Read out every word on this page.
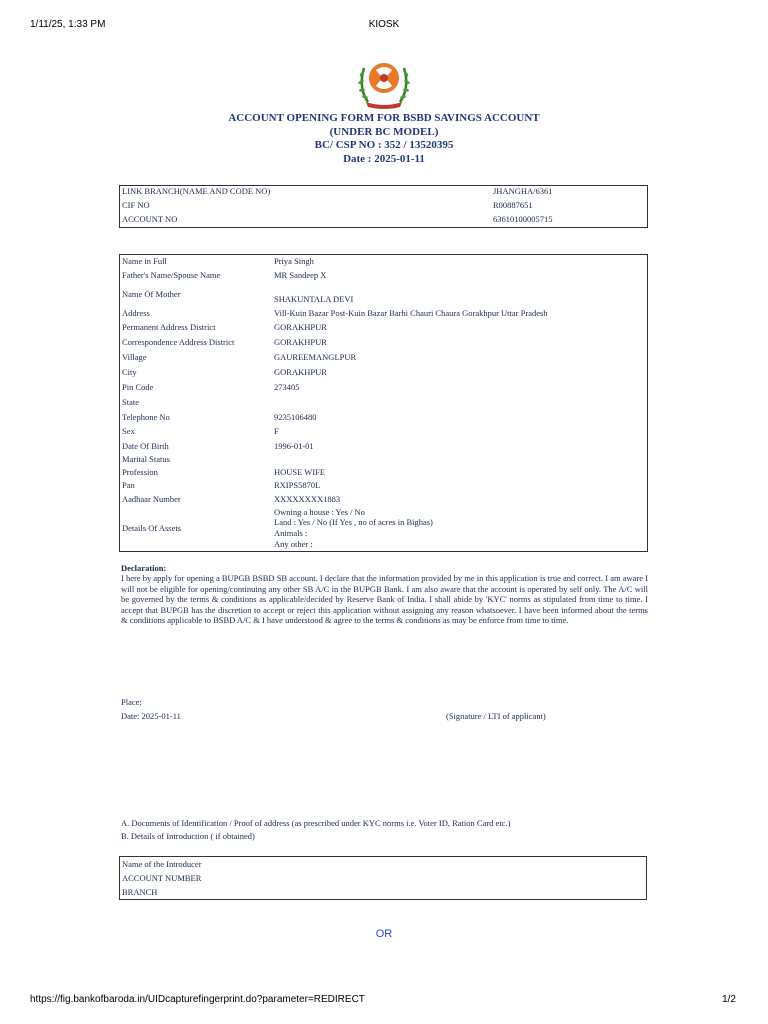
1/11/25, 1:33 PM	KIOSK
ACCOUNT OPENING FORM FOR BSBD SAVINGS ACCOUNT
(UNDER BC MODEL)
BC/ CSP NO : 352 / 13520395
Date : 2025-01-11
LINK BRANCH(NAME AND CODE NO)	JHANGHA/6361
CIF NO	R00887651
ACCOUNT NO	63610100005715
Name in Full	Priya Singh
Father's Name/Spouse Name	MR Sandeep X
Name Of Mother	SHAKUNTALA DEVI
Address	Vill-Kuin Bazar Post-Kuin Bazar Barhi Chauri Chaura Gorakhpur Uttar Pradesh
Permanent Address District	GORAKHPUR
Correspondence Address District	GORAKHPUR
Village	GAUREEMANGLPUR
City	GORAKHPUR
Pin Code	273405
State
Telephone No	9235106480
Sex	F
Date Of Birth	1996-01-01
Marital Status
Profession	HOUSE WIFE
Pan	RXIPS5870L
Aadhaar Number	XXXXXXXX1883
Details Of Assets
Owning a house : Yes / No
Land : Yes / No (If Yes , no of acres in Bighas)
Animals :
Any other :
Declaration:
I here by apply for opening a BUPGB BSBD SB account. I declare that the information provided by me in this application is true and correct. I am aware I will not be eligible for opening/continuing any other SB A/C in the BUPGB Bank. I am also aware that the account is operated by self only. The A/C will be governed by the terms & conditions as applicable/decided by Reserve Bank of India. I shall abide by 'KYC' norms as stipulated from time to time. I accept that BUPGB has the discretion to accept or reject this application without assigning any reason whatsoever. I have been informed about the terms & conditions applicable to BSBD A/C & I have understood & agree to the terms & conditions as may be enforce from time to time.
Place:
Date: 2025-01-11	(Signature / LTI of applicant)
A. Documents of Identification / Proof of address (as prescribed under KYC norms i.e. Voter ID, Ration Card etc.)
B. Details of Introduction ( if obtained)
Name of the Introducer
ACCOUNT NUMBER
BRANCH
OR
https://fig.bankofbaroda.in/UIDcapturefingerprint.do?parameter=REDIRECT	1/2
